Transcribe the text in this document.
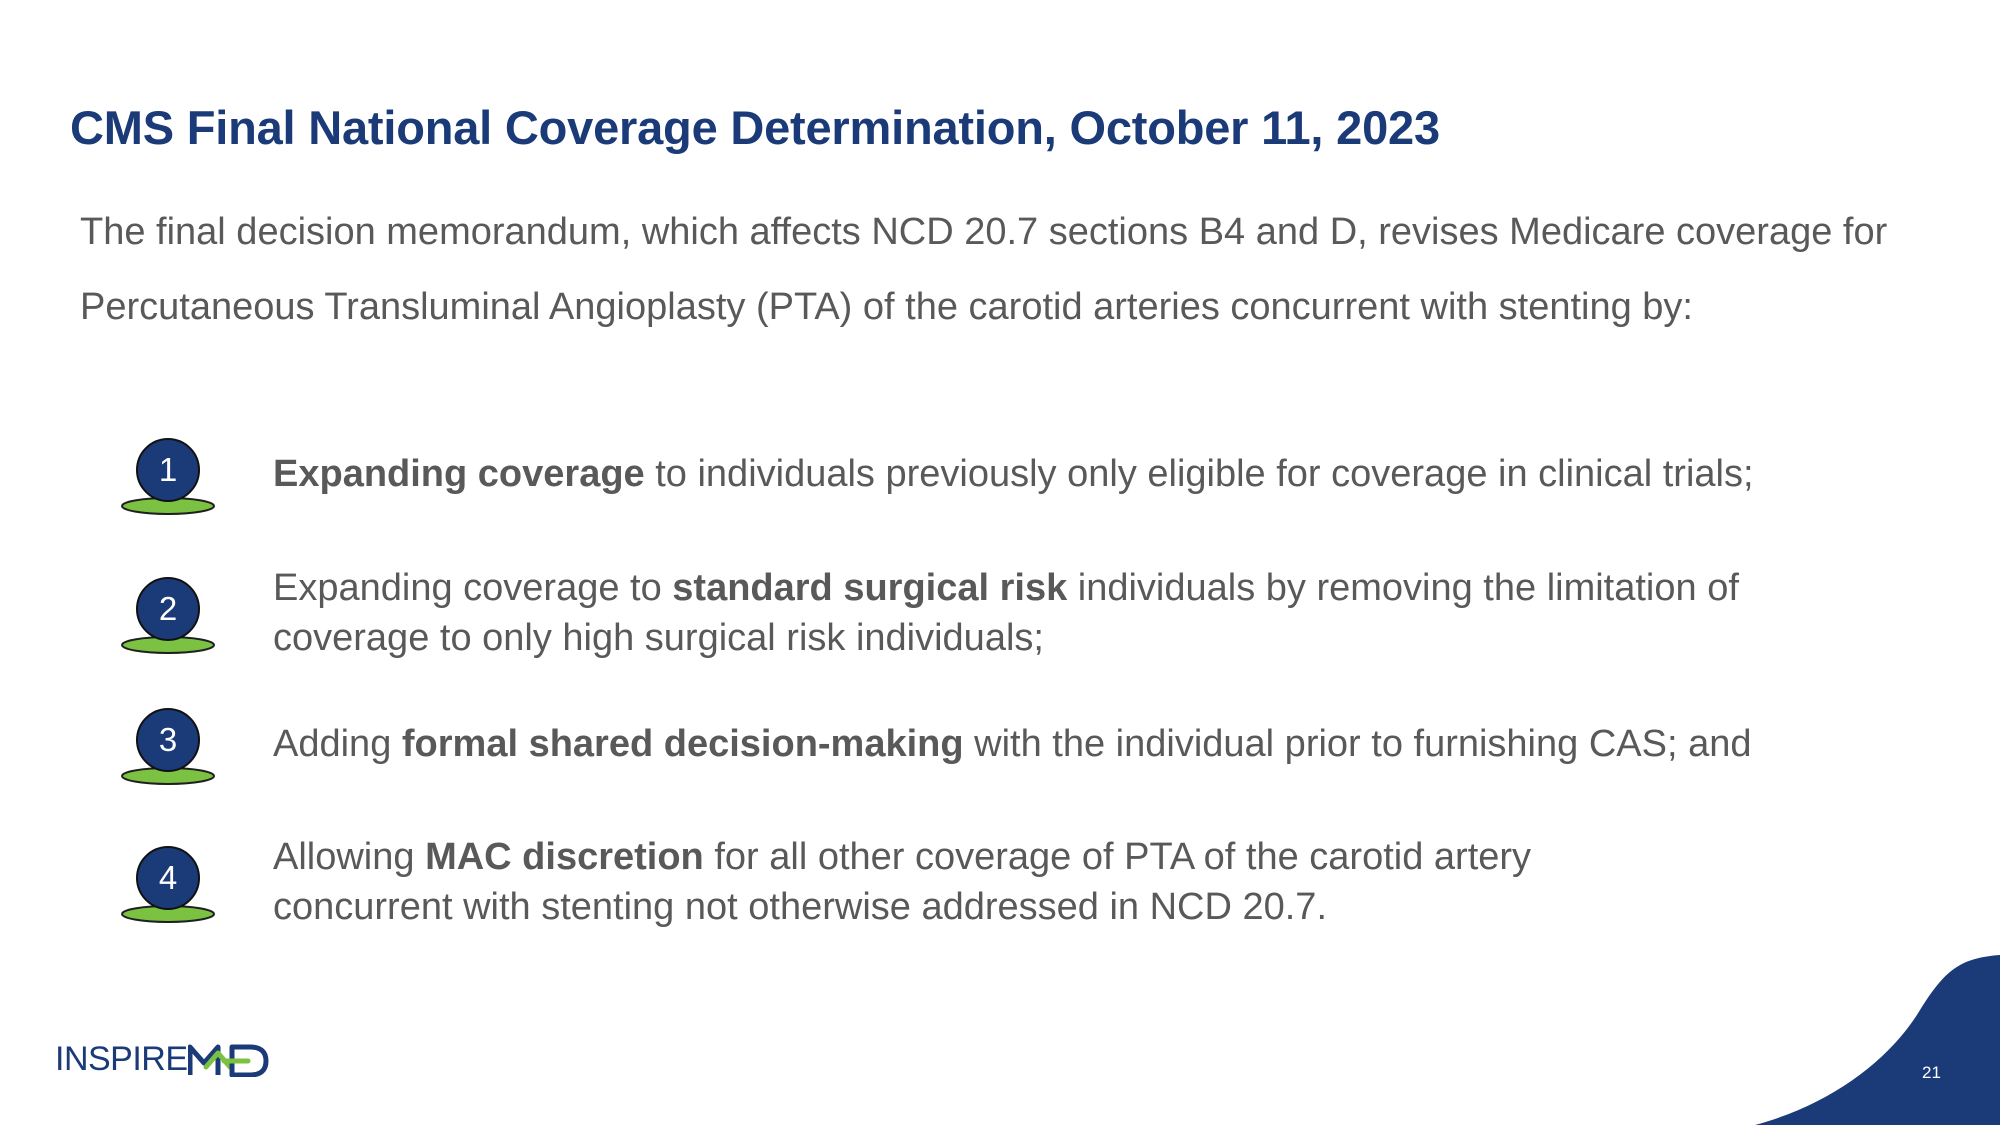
CMS Final National Coverage Determination, October 11, 2023

The final decision memorandum, which affects NCD 20.7 sections B4 and D, revises Medicare coverage for Percutaneous Transluminal Angioplasty (PTA) of the carotid arteries concurrent with stenting by:

1	Expanding coverage to individuals previously only eligible for coverage in clinical trials;
2	Expanding coverage to standard surgical risk individuals by removing the limitation of coverage to only high surgical risk individuals;
3	Adding formal shared decision-making with the individual prior to furnishing CAS; and
4	Allowing MAC discretion for all other coverage of PTA of the carotid artery concurrent with stenting not otherwise addressed in NCD 20.7.
INSPIRE	21
